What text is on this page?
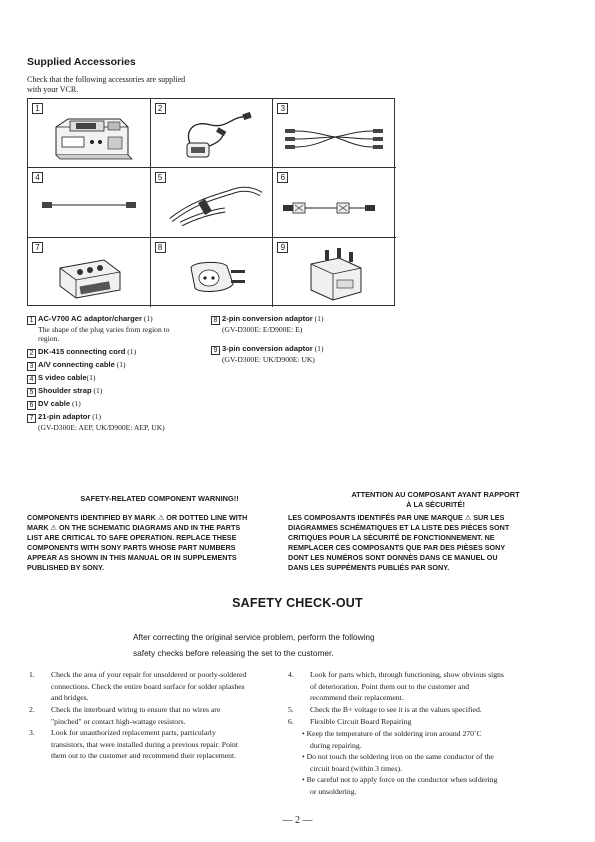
Supplied Accessories
Check that the following accessories are supplied
with your VCR.
1	2	3
4	5	6
7	8	9
1 AC-V700 AC adaptor/charger (1)
The shape of the plug varies from region to
region.
2 DK-415 connecting cord (1)
3 A/V connecting cable (1)
4 S video cable(1)
5 Shoulder strap (1)
6 DV cable (1)
7 21-pin adaptor (1)
(GV-D300E: AEP, UK/D900E: AEP, UK)
8 2-pin conversion adaptor (1)
(GV-D300E: E/D900E: E)
9 3-pin conversion adaptor (1)
(GV-D300E: UK/D900E: UK)
SAFETY-RELATED COMPONENT WARNING!!
COMPONENTS IDENTIFIED BY MARK ⚠ OR DOTTED LINE WITH
MARK ⚠ ON THE SCHEMATIC DIAGRAMS AND IN THE PARTS
LIST ARE CRITICAL TO SAFE OPERATION. REPLACE THESE
COMPONENTS WITH SONY PARTS WHOSE PART NUMBERS
APPEAR AS SHOWN IN THIS MANUAL OR IN SUPPLEMENTS
PUBLISHED BY SONY.
ATTENTION AU COMPOSANT AYANT RAPPORT
À LA SÉCURITÉ!
LES COMPOSANTS IDENTIFÉS PAR UNE MARQUE ⚠ SUR LES
DIAGRAMMES SCHÉMATIQUES ET LA LISTE DES PIÈCES SONT
CRITIQUES POUR LA SÉCURITÉ DE FONCTIONNEMENT. NE
REMPLACER CES COMPOSANTS QUE PAR DES PIÈSES SONY
DONT LES NUMÉROS SONT DONNÈS DANS CE MANUEL OU
DANS LES SUPPÉMENTS PUBLIÉS PAR SONY.
SAFETY CHECK-OUT
After correcting the original service problem, perform the following
safety checks before releasing the set to the customer.
1. Check the area of your repair for unsoldered or poorly-soldered
connections. Check the entire board surface for solder splashes
and bridges.
2. Check the interboard wiring to ensure that no wires are
"pinched" or contact high-wattage resistors.
3. Look for unauthorized replacement parts, particularly
transistors, that were installed during a previous repair. Point
them out to the customer and recommend their replacement.
4. Look for parts which, through functioning, show obvious signs
of deterioration. Point them out to the customer and
recommend their replacement.
5. Check the B+ voltage to see it is at the values specified.
6. Flexible Circuit Board Repairing
• Keep the temperature of the soldering iron around 270˚C
during repairing.
• Do not touch the soldering iron on the same conductor of the
circuit board (within 3 times).
• Be careful not to apply force on the conductor when soldering
or unsoldering.
— 2 —
